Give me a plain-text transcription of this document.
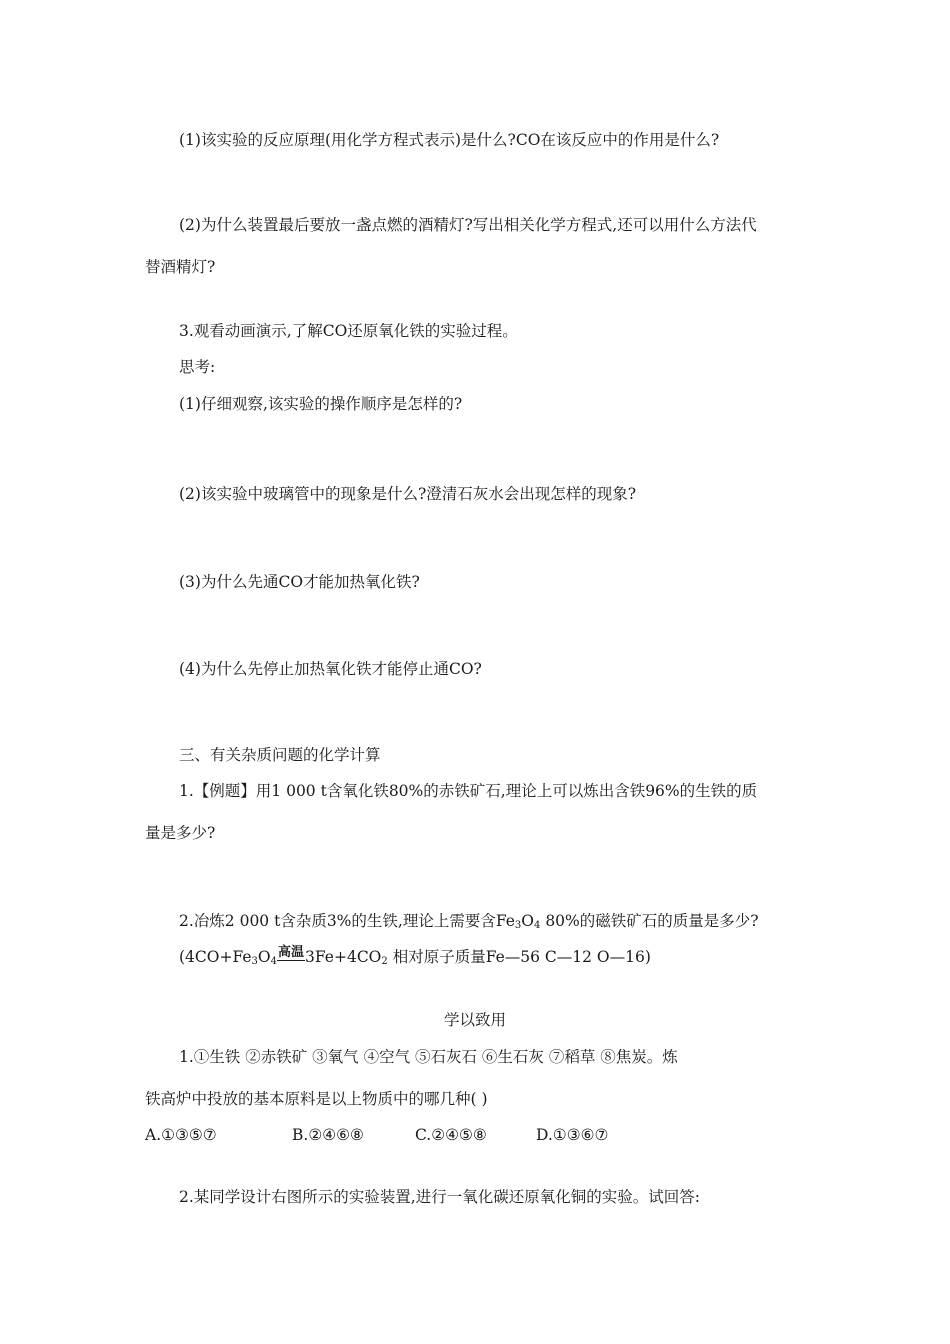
(1)该实验的反应原理(用化学方程式表示)是什么?CO在该反应中的作用是什么?
(2)为什么装置最后要放一盏点燃的酒精灯?写出相关化学方程式,还可以用什么方法代
替酒精灯?
3.观看动画演示,了解CO还原氧化铁的实验过程。
思考:
(1)仔细观察,该实验的操作顺序是怎样的?
(2)该实验中玻璃管中的现象是什么?澄清石灰水会出现怎样的现象?
(3)为什么先通CO才能加热氧化铁?
(4)为什么先停止加热氧化铁才能停止通CO?
三、有关杂质问题的化学计算
1.【例题】用1 000 t含氧化铁80%的赤铁矿石,理论上可以炼出含铁96%的生铁的质
量是多少?
2.冶炼2 000 t含杂质3%的生铁,理论上需要含$Fe_3O_4$ 80%的磁铁矿石的质量是多少?
($4CO+Fe_3O_4$高温$3Fe+4CO_2$ 相对原子质量Fe—56 C—12 O—16)
学以致用
1.①生铁 ②赤铁矿 ③氧气 ④空气 ⑤石灰石 ⑥生石灰 ⑦稻草 ⑧焦炭。炼
铁高炉中投放的基本原料是以上物质中的哪几种( )
A.①③⑤⑦	B.②④⑥⑧	C.②④⑤⑧	D.①③⑥⑦
2.某同学设计右图所示的实验装置,进行一氧化碳还原氧化铜的实验。试回答:
